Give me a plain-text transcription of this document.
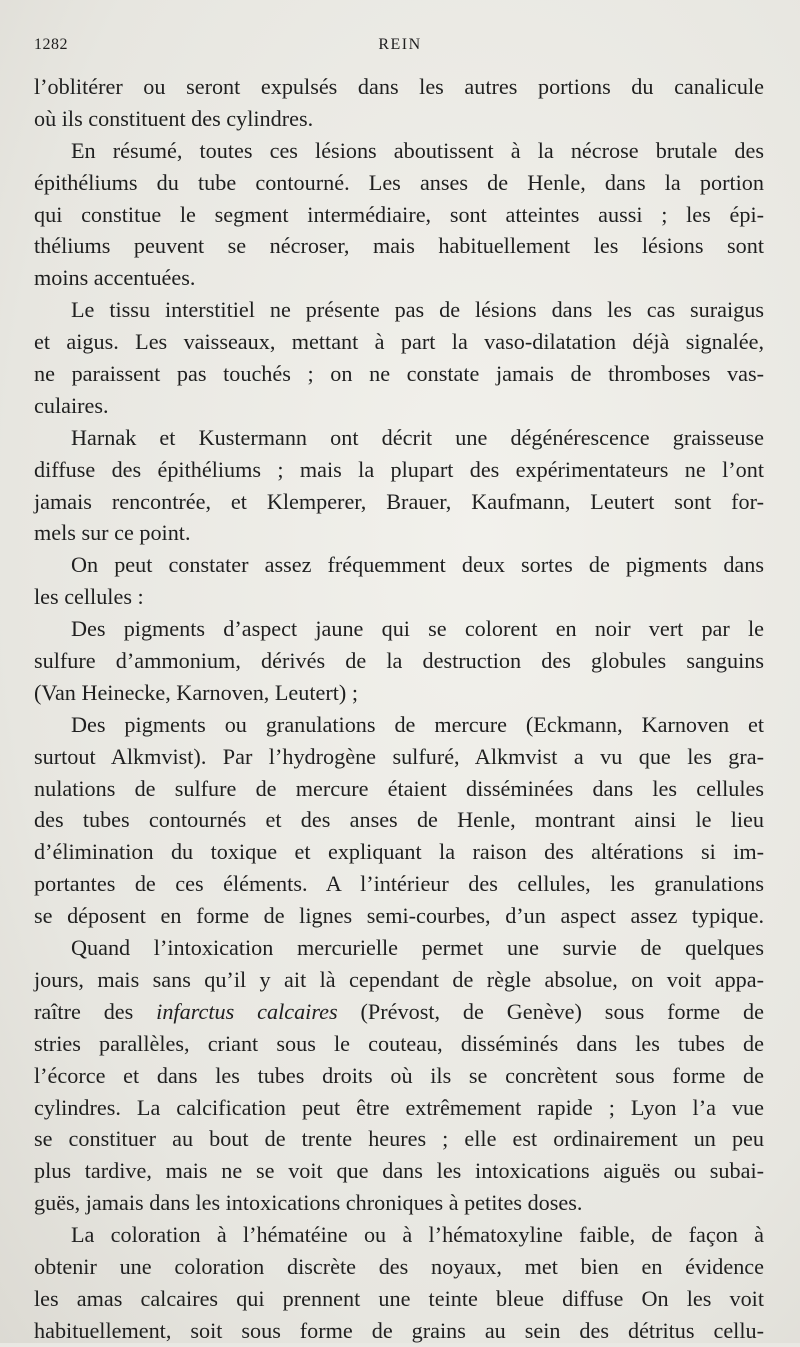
1282	REIN
l’oblitérer ou seront expulsés dans les autres portions du canalicule
où ils constituent des cylindres.
En résumé, toutes ces lésions aboutissent à la nécrose brutale des
épithéliums du tube contourné. Les anses de Henle, dans la portion
qui constitue le segment intermédiaire, sont atteintes aussi ; les épi-
théliums peuvent se nécroser, mais habituellement les lésions sont
moins accentuées.
Le tissu interstitiel ne présente pas de lésions dans les cas suraigus
et aigus. Les vaisseaux, mettant à part la vaso-dilatation déjà signalée,
ne paraissent pas touchés ; on ne constate jamais de thromboses vas-
culaires.
Harnak et Kustermann ont décrit une dégénérescence graisseuse
diffuse des épithéliums ; mais la plupart des expérimentateurs ne l’ont
jamais rencontrée, et Klemperer, Brauer, Kaufmann, Leutert sont for-
mels sur ce point.
On peut constater assez fréquemment deux sortes de pigments dans
les cellules :
Des pigments d’aspect jaune qui se colorent en noir vert par le
sulfure d’ammonium, dérivés de la destruction des globules sanguins
(Van Heinecke, Karnoven, Leutert) ;
Des pigments ou granulations de mercure (Eckmann, Karnoven et
surtout Alkmvist). Par l’hydrogène sulfuré, Alkmvist a vu que les gra-
nulations de sulfure de mercure étaient disséminées dans les cellules
des tubes contournés et des anses de Henle, montrant ainsi le lieu
d’élimination du toxique et expliquant la raison des altérations si im-
portantes de ces éléments. A l’intérieur des cellules, les granulations
se déposent en forme de lignes semi-courbes, d’un aspect assez typique.
Quand l’intoxication mercurielle permet une survie de quelques
jours, mais sans qu’il y ait là cependant de règle absolue, on voit appa-
raître des infarctus calcaires (Prévost, de Genève) sous forme de
stries parallèles, criant sous le couteau, disséminés dans les tubes de
l’écorce et dans les tubes droits où ils se concrètent sous forme de
cylindres. La calcification peut être extrêmement rapide ; Lyon l’a vue
se constituer au bout de trente heures ; elle est ordinairement un peu
plus tardive, mais ne se voit que dans les intoxications aiguës ou subai-
guës, jamais dans les intoxications chroniques à petites doses.
La coloration à l’hématéine ou à l’hématoxyline faible, de façon à
obtenir une coloration discrète des noyaux, met bien en évidence
les amas calcaires qui prennent une teinte bleue diffuse On les voit
habituellement, soit sous forme de grains au sein des détritus cellu-
